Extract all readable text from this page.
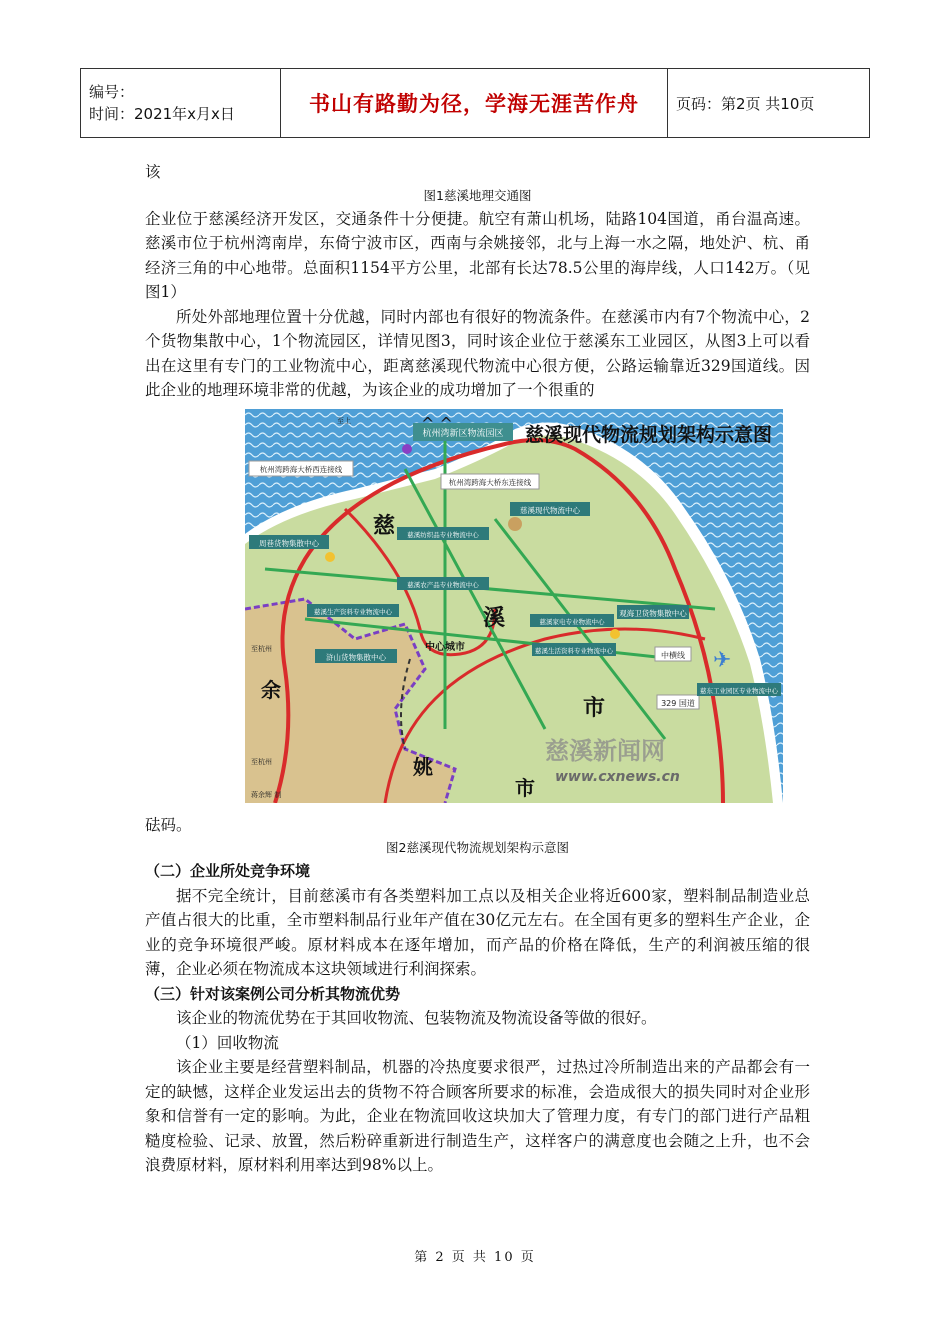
编号：
时间：2021年x月x日	书山有路勤为径，学海无涯苦作舟	页码：第2页 共10页

该

图1慈溪地理交通图

企业位于慈溪经济开发区，交通条件十分便捷。航空有萧山机场，陆路104国道，甬台温高速。慈溪市位于杭州湾南岸，东倚宁波市区，西南与余姚接邻，北与上海一水之隔，地处沪、杭、甬经济三角的中心地带。总面积1154平方公里，北部有长达78.5公里的海岸线，人口142万。（见图1）

所处外部地理位置十分优越，同时内部也有很好的物流条件。在慈溪市内有7个物流中心，2个货物集散中心，1个物流园区，详情见图3，同时该企业位于慈溪东工业园区，从图3上可以看出在这里有专门的工业物流中心，距离慈溪现代物流中心很方便，公路运输靠近329国道线。因此企业的地理环境非常的优越，为该企业的成功增加了一个很重的

慈溪现代物流规划架构示意图
杭州湾新区物流园区
杭州湾跨海大桥西连接线
杭州湾跨海大桥东连接线
慈溪现代物流中心
周巷货物集散中心
慈溪纺织品专业物流中心
慈溪农产品专业物流中心
慈溪生产资料专业物流中心
慈溪家电专业物流中心
浒山货物集散中心
中心城市
观海卫货物集散中心
中横线
329 国道
慈东工业园区专业物流中心
慈溪生活资料专业物流中心
慈
溪
市
余
姚
市
至上
至杭州
至杭州
蒋余辉 制
慈溪新闻网
www.cxnews.cn
✈
^ ^

砝码。

图2慈溪现代物流规划架构示意图

（二）企业所处竞争环境

据不完全统计，目前慈溪市有各类塑料加工点以及相关企业将近600家，塑料制品制造业总产值占很大的比重，全市塑料制品行业年产值在30亿元左右。在全国有更多的塑料生产企业，企业的竞争环境很严峻。原材料成本在逐年增加，而产品的价格在降低，生产的利润被压缩的很薄，企业必须在物流成本这块领域进行利润探索。

（三）针对该案例公司分析其物流优势

该企业的物流优势在于其回收物流、包装物流及物流设备等做的很好。

（1）回收物流

该企业主要是经营塑料制品，机器的冷热度要求很严，过热过冷所制造出来的产品都会有一定的缺憾，这样企业发运出去的货物不符合顾客所要求的标准，会造成很大的损失同时对企业形象和信誉有一定的影响。为此，企业在物流回收这块加大了管理力度，有专门的部门进行产品粗糙度检验、记录、放置，然后粉碎重新进行制造生产，这样客户的满意度也会随之上升，也不会浪费原材料，原材料利用率达到98%以上。

第 2 页 共 10 页
